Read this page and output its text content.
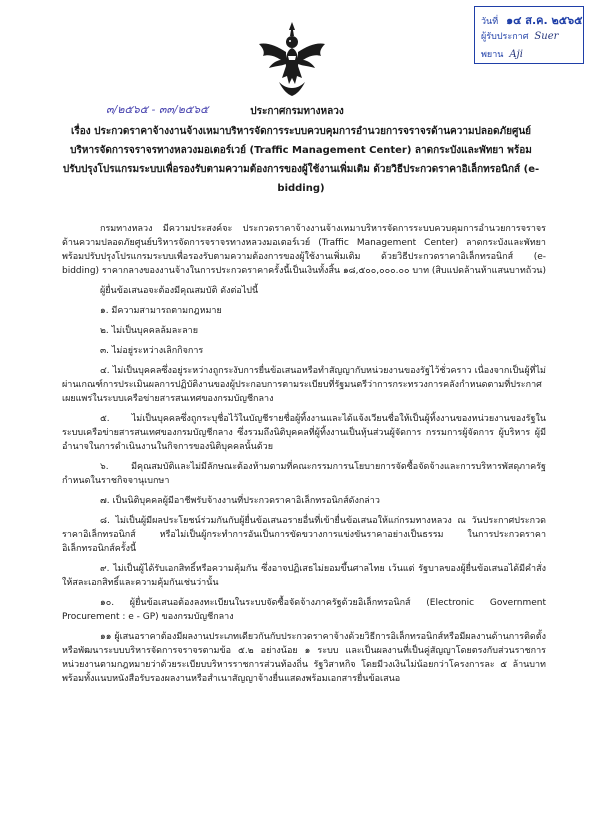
วันที่ ๑๔ ส.ค. ๒๕๖๕
ผู้รับประกาศ Suer
พยาน Aji
๓/๒๕๖๕ - ๓๓/๒๕๖๕	ประกาศกรมทางหลวง
เรื่อง ประกวดราคาจ้างงานจ้างเหมาบริหารจัดการระบบควบคุมการอำนวยการจราจรด้านความปลอดภัยศูนย์บริหารจัดการจราจรทางหลวงมอเตอร์เวย์ (Traffic Management Center) ลาดกระบังและพัทยา พร้อมปรับปรุงโปรแกรมระบบเพื่อรองรับตามความต้องการของผู้ใช้งานเพิ่มเติม ด้วยวิธีประกวดราคาอิเล็กทรอนิกส์ (e-bidding)

กรมทางหลวง มีความประสงค์จะ ประกวดราคาจ้างงานจ้างเหมาบริหารจัดการระบบควบคุมการอำนวยการจราจรด้านความปลอดภัยศูนย์บริหารจัดการจราจรทางหลวงมอเตอร์เวย์ (Traffic Management Center) ลาดกระบังและพัทยา พร้อมปรับปรุงโปรแกรมระบบเพื่อรองรับตามความต้องการของผู้ใช้งานเพิ่มเติม ด้วยวิธีประกวดราคาอิเล็กทรอนิกส์ (e-bidding) ราคากลางของงานจ้างในการประกวดราคาครั้งนี้เป็นเงินทั้งสิ้น ๑๘,๕๐๐,๐๐๐.๐๐ บาท (สิบแปดล้านห้าแสนบาทถ้วน)

ผู้ยื่นข้อเสนอจะต้องมีคุณสมบัติ ดังต่อไปนี้

๑. มีความสามารถตามกฎหมาย

๒. ไม่เป็นบุคคลล้มละลาย

๓. ไม่อยู่ระหว่างเลิกกิจการ

๔. ไม่เป็นบุคคลซึ่งอยู่ระหว่างถูกระงับการยื่นข้อเสนอหรือทำสัญญากับหน่วยงานของรัฐไว้ชั่วคราว เนื่องจากเป็นผู้ที่ไม่ผ่านเกณฑ์การประเมินผลการปฏิบัติงานของผู้ประกอบการตามระเบียบที่รัฐมนตรีว่าการกระทรวงการคลังกำหนดตามที่ประกาศเผยแพร่ในระบบเครือข่ายสารสนเทศของกรมบัญชีกลาง

๕. ไม่เป็นบุคคลซึ่งถูกระบุชื่อไว้ในบัญชีรายชื่อผู้ทิ้งงานและได้แจ้งเวียนชื่อให้เป็นผู้ทิ้งงานของหน่วยงานของรัฐในระบบเครือข่ายสารสนเทศของกรมบัญชีกลาง ซึ่งรวมถึงนิติบุคคลที่ผู้ทิ้งงานเป็นหุ้นส่วนผู้จัดการ กรรมการผู้จัดการ ผู้บริหาร ผู้มีอำนาจในการดำเนินงานในกิจการของนิติบุคคลนั้นด้วย

๖. มีคุณสมบัติและไม่มีลักษณะต้องห้ามตามที่คณะกรรมการนโยบายการจัดซื้อจัดจ้างและการบริหารพัสดุภาครัฐกำหนดในราชกิจจานุเบกษา

๗. เป็นนิติบุคคลผู้มีอาชีพรับจ้างงานที่ประกวดราคาอิเล็กทรอนิกส์ดังกล่าว

๘. ไม่เป็นผู้มีผลประโยชน์ร่วมกันกับผู้ยื่นข้อเสนอรายอื่นที่เข้ายื่นข้อเสนอให้แก่กรมทางหลวง ณ วันประกาศประกวดราคาอิเล็กทรอนิกส์ หรือไม่เป็นผู้กระทำการอันเป็นการขัดขวางการแข่งขันราคาอย่างเป็นธรรม ในการประกวดราคาอิเล็กทรอนิกส์ครั้งนี้

๙. ไม่เป็นผู้ได้รับเอกสิทธิ์หรือความคุ้มกัน ซึ่งอาจปฏิเสธไม่ยอมขึ้นศาลไทย เว้นแต่ รัฐบาลของผู้ยื่นข้อเสนอได้มีคำสั่งให้สละเอกสิทธิ์และความคุ้มกันเช่นว่านั้น

๑๐. ผู้ยื่นข้อเสนอต้องลงทะเบียนในระบบจัดซื้อจัดจ้างภาครัฐด้วยอิเล็กทรอนิกส์ (Electronic Government Procurement : e - GP) ของกรมบัญชีกลาง

๑๑ ผู้เสนอราคาต้องมีผลงานประเภทเดียวกันกับประกวดราคาจ้างด้วยวิธีการอิเล็กทรอนิกส์หรือมีผลงานด้านการติดตั้งหรือพัฒนาระบบบริหารจัดการจราจรตามข้อ ๕.๒ อย่างน้อย ๑ ระบบ และเป็นผลงานที่เป็นคู่สัญญาโดยตรงกับส่วนราชการ หน่วยงานตามกฎหมายว่าด้วยระเบียบบริหารราชการส่วนท้องถิ่น รัฐวิสาหกิจ โดยมีวงเงินไม่น้อยกว่าโครงการละ ๕ ล้านบาท พร้อมทั้งแนบหนังสือรับรองผลงานหรือสำเนาสัญญาจ้างยื่นแสดงพร้อมเอกสารยื่นข้อเสนอ
